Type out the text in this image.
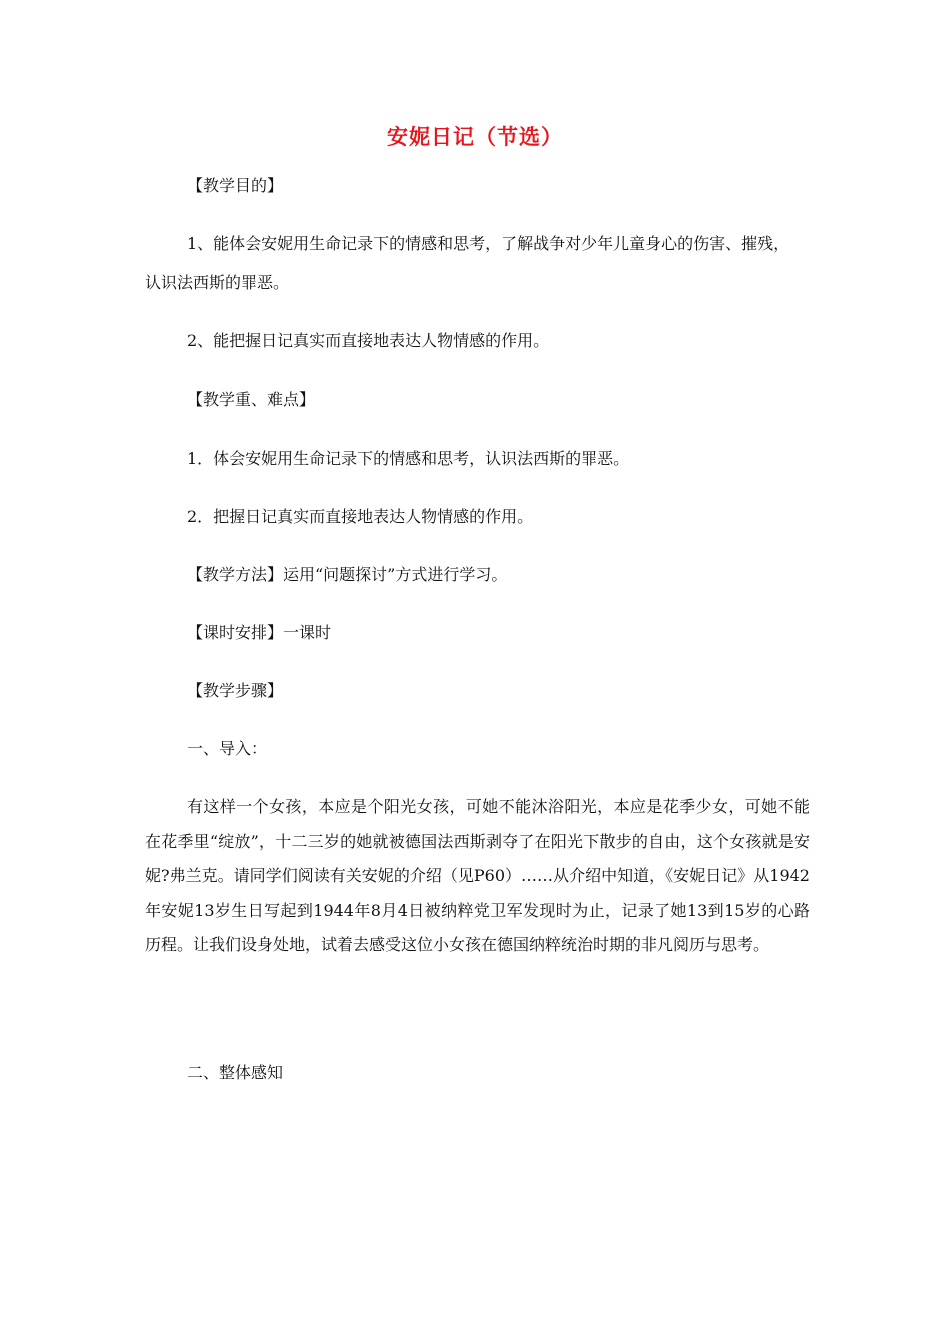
安妮日记（节选）
【教学目的】
1、能体会安妮用生命记录下的情感和思考，了解战争对少年儿童身心的伤害、摧残，
认识法西斯的罪恶。
2、能把握日记真实而直接地表达人物情感的作用。
【教学重、难点】
1．体会安妮用生命记录下的情感和思考，认识法西斯的罪恶。
2．把握日记真实而直接地表达人物情感的作用。
【教学方法】运用“问题探讨”方式进行学习。
【课时安排】一课时
【教学步骤】
一、导入：

有这样一个女孩，本应是个阳光女孩，可她不能沐浴阳光，本应是花季少女，可她不能在花季里“绽放”，十二三岁的她就被德国法西斯剥夺了在阳光下散步的自由，这个女孩就是安妮?弗兰克。请同学们阅读有关安妮的介绍（见P60）……从介绍中知道，《安妮日记》从1942年安妮13岁生日写起到1944年8月4日被纳粹党卫军发现时为止，记录了她13到15岁的心路历程。让我们设身处地，试着去感受这位小女孩在德国纳粹统治时期的非凡阅历与思考。

二、整体感知
